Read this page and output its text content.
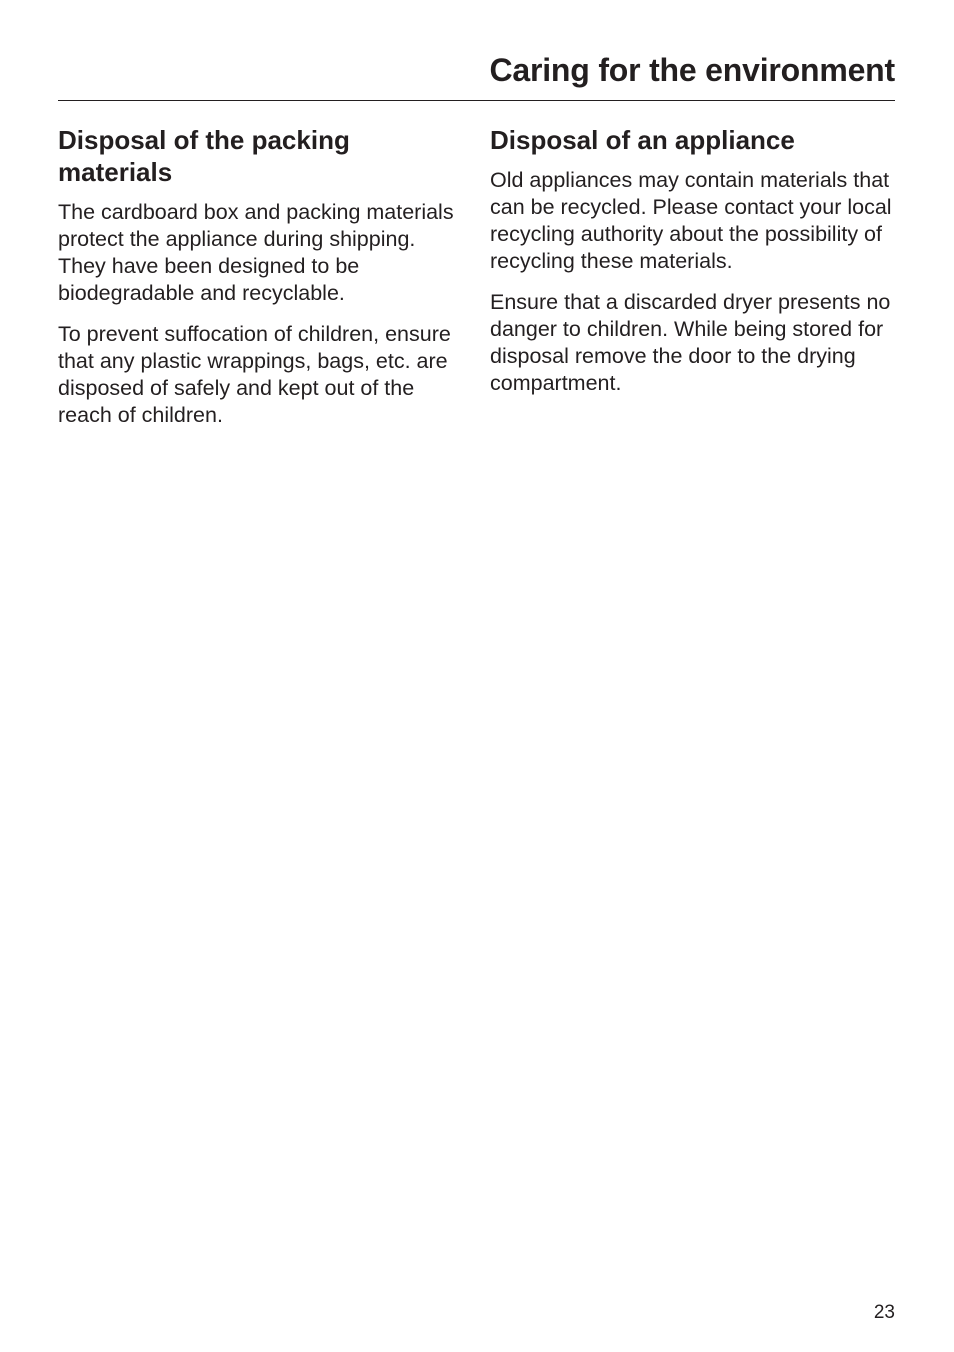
Caring for the environment
Disposal of the packing materials

The cardboard box and packing materials protect the appliance during shipping. They have been designed to be biodegradable and recyclable.

To prevent suffocation of children, ensure that any plastic wrappings, bags, etc. are disposed of safely and kept out of the reach of children.

Disposal of an appliance

Old appliances may contain materials that can be recycled. Please contact your local recycling authority about the possibility of recycling these materials.

Ensure that a discarded dryer presents no danger to children. While being stored for disposal remove the door to the drying compartment.

23
